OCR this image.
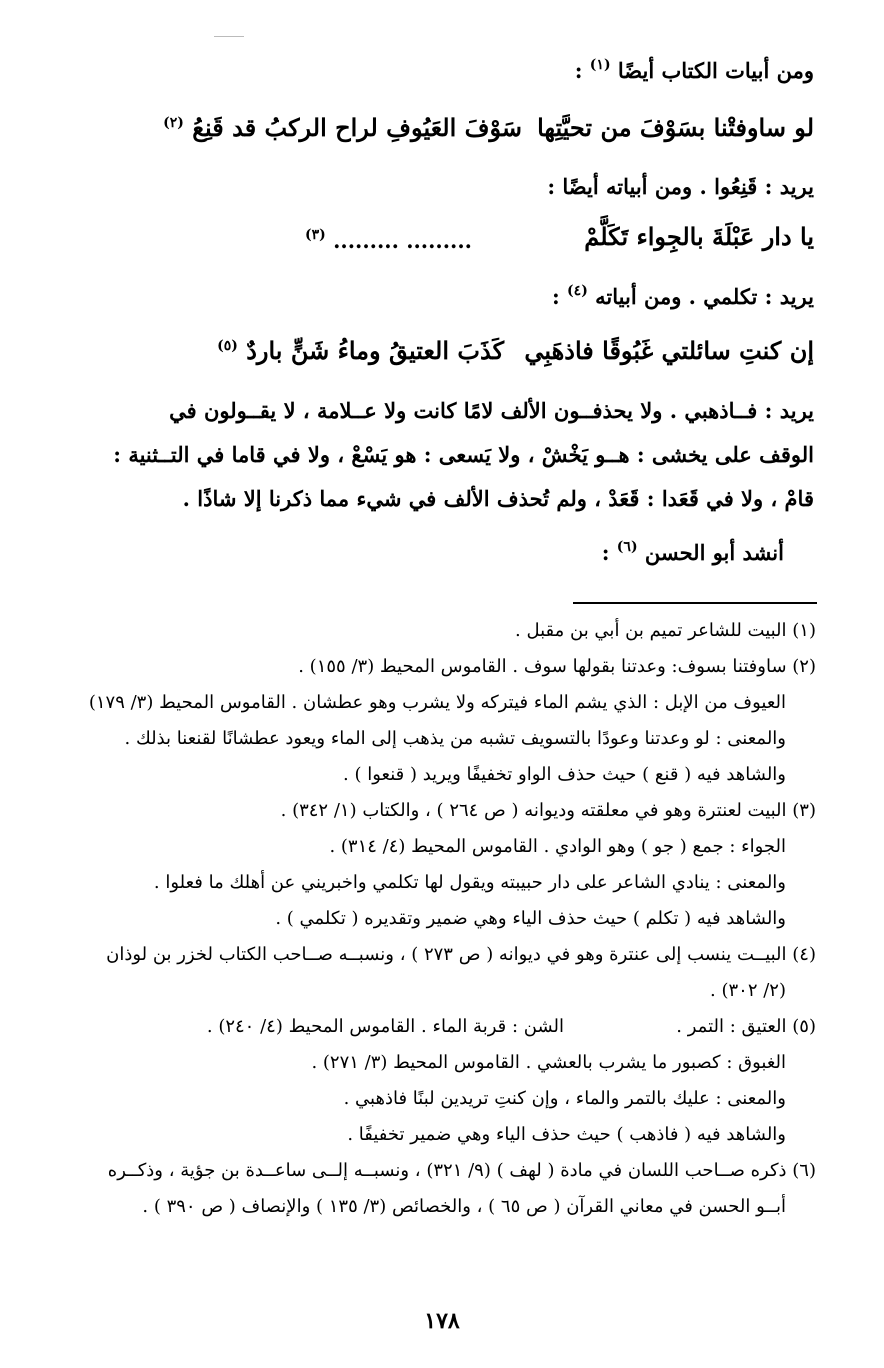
ومن أبيات الكتاب أيضًا $^{(١)}$ :
لو ساوفتْنا بسَوْفَ من تحيَّتِها
سَوْفَ العَيُوفِ لراح الركبُ قد قَنِعُ $^{(٢)}$
يريد : قَنِعُوا . ومن أبياته أيضًا :
يا دار عَبْلَةَ بالجِواء تَكَلَّمْ
......... ......... $^{(٣)}$
يريد : تكلمي . ومن أبياته $^{(٤)}$ :
إن كنتِ سائلتي غَبُوقًا فاذهَبِي
كَذَبَ العتيقُ وماءُ شَنٍّ باردٌ $^{(٥)}$
يريد : فــاذهبي . ولا يحذفــون الألف لامًا كانت ولا عــلامة ، لا يقــولون في
الوقف على يخشى : هــو يَخْشْ ، ولا يَسعى : هو يَسْعْ ، ولا في قاما في التــثنية :
قامْ ، ولا في قَعَدا : قَعَدْ ، ولم تُحذف الألف في شيء مما ذكرنا إلا شاذًا .
أنشد أبو الحسن $^{(٦)}$ :
(١) البيت للشاعر تميم بن أبي بن مقبل .
(٢) ساوفتنا بسوف: وعدتنا بقولها سوف . القاموس المحيط (٣/ ١٥٥) .
العيوف من الإبل : الذي يشم الماء فيتركه ولا يشرب وهو عطشان . القاموس المحيط (٣/ ١٧٩)
والمعنى : لو وعدتنا وعودًا بالتسويف تشبه من يذهب إلى الماء ويعود عطشانًا لقنعنا بذلك .
والشاهد فيه ( قنع ) حيث حذف الواو تخفيفًا ويريد ( قنعوا ) .
(٣) البيت لعنترة وهو في معلقته وديوانه ( ص ٢٦٤ ) ، والكتاب (١/ ٣٤٢) .
الجواء : جمع ( جو ) وهو الوادي . القاموس المحيط (٤/ ٣١٤) .
والمعنى : ينادي الشاعر على دار حبيبته ويقول لها تكلمي واخبريني عن أهلك ما فعلوا .
والشاهد فيه ( تكلم ) حيث حذف الياء وهي ضمير وتقديره ( تكلمي ) .
(٤) البيــت ينسب إلى عنترة وهو في ديوانه ( ص ٢٧٣ ) ، ونسبــه صــاحب الكتاب لخزر بن لوذان
(٢/ ٣٠٢) .
(٥) العتيق : التمر .
الشن : قربة الماء . القاموس المحيط (٤/ ٢٤٠) .
الغبوق : كصبور ما يشرب بالعشي . القاموس المحيط (٣/ ٢٧١) .
والمعنى : عليك بالتمر والماء ، وإن كنتِ تريدين لبنًا فاذهبي .
والشاهد فيه ( فاذهب ) حيث حذف الياء وهي ضمير تخفيفًا .
(٦) ذكره صــاحب اللسان في مادة ( لهف ) (٩/ ٣٢١) ، ونسبــه إلــى ساعــدة بن جؤية ، وذكــره
أبــو الحسن في معاني القرآن ( ص ٦٥ ) ، والخصائص (٣/ ١٣٥ ) والإنصاف ( ص ٣٩٠ ) .
١٧٨
